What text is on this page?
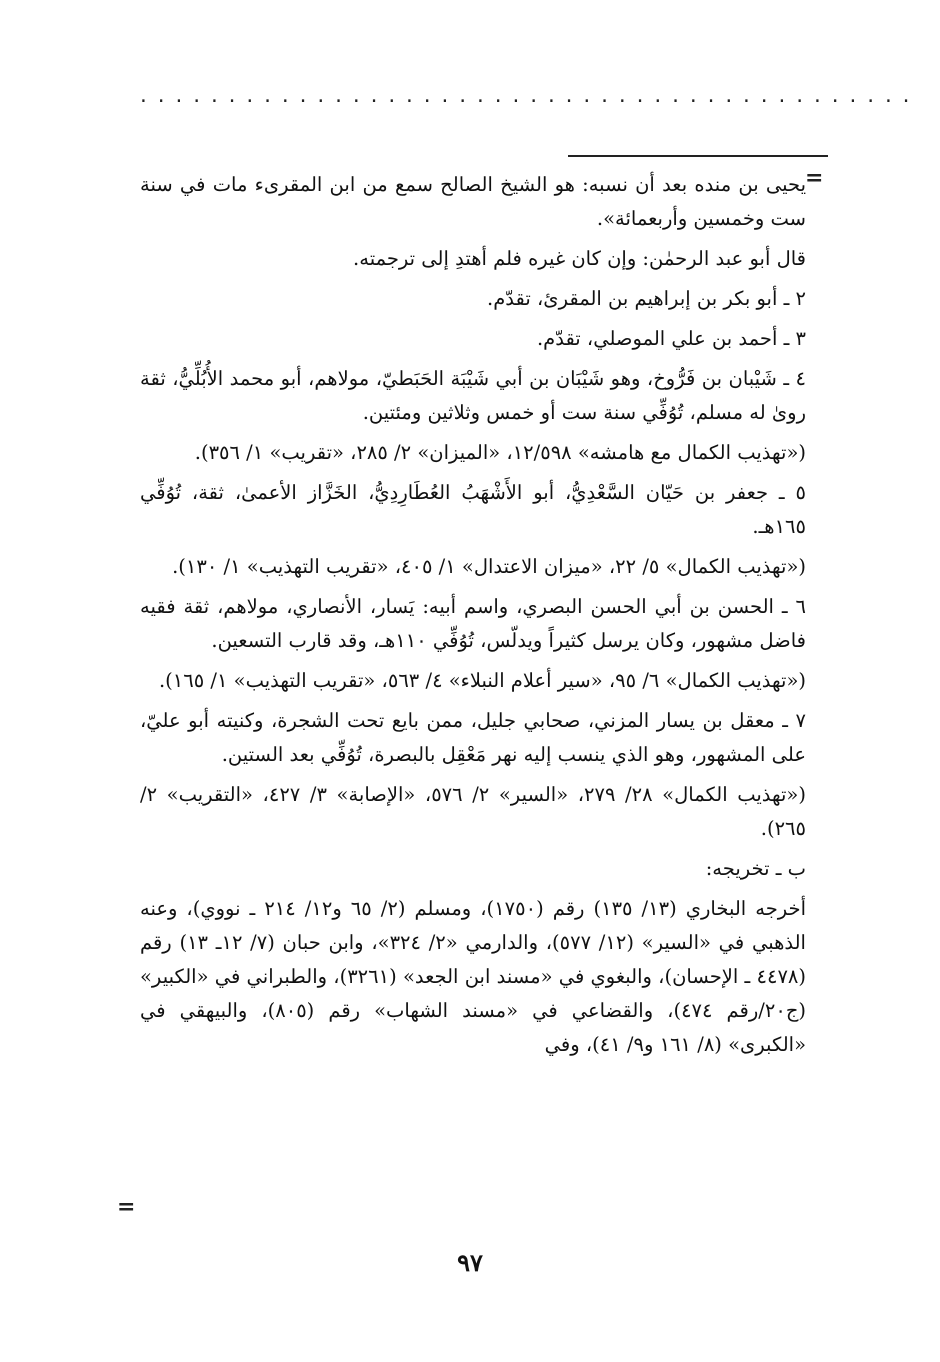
............................................
=

يحيى بن منده بعد أن نسبه: هو الشيخ الصالح سمع من ابن المقرىء مات في سنة ست وخمسين وأربعمائة».

قال أبو عبد الرحمٰن: وإن كان غيره فلم أهتدِ إلى ترجمته.

٢ ـ أبو بكر بن إبراهيم بن المقرئ، تقدّم.

٣ ـ أحمد بن علي الموصلي، تقدّم.

٤ ـ شَيْبان بن فَرُّوخ، وهو شَيْبَان بن أبي شَيْبَة الحَبَطيّ، مولاهم، أبو محمد الأُبُلِّيُّ، ثقة روىٰ له مسلم، تُوُفِّي سنة ست أو خمس وثلاثين ومئتين.

(«تهذيب الكمال مع هامشه» ١٢/٥٩٨، «الميزان» ٢/ ٢٨٥، «تقريب» ١/ ٣٥٦).

٥ ـ جعفر بن حَيّان السَّعْدِيُّ، أبو الأَشْهَبُ العُطَارِدِيُّ، الخَزَّاز الأعمىٰ، ثقة، تُوُفِّي ١٦٥هـ.

(«تهذيب الكمال» ٥/ ٢٢، «ميزان الاعتدال» ١/ ٤٠٥، «تقريب التهذيب» ١/ ١٣٠).

٦ ـ الحسن بن أبي الحسن البصري، واسم أبيه: يَسار، الأنصاري، مولاهم، ثقة فقيه فاضل مشهور، وكان يرسل كثيراً ويدلّس، تُوُفِّي ١١٠هـ، وقد قارب التسعين.

(«تهذيب الكمال» ٦/ ٩٥، «سير أعلام النبلاء» ٤/ ٥٦٣، «تقريب التهذيب» ١/ ١٦٥).

٧ ـ معقل بن يسار المزني، صحابي جليل، ممن بايع تحت الشجرة، وكنيته أبو عليّ، على المشهور، وهو الذي ينسب إليه نهر مَعْقِل بالبصرة، تُوُفِّي بعد الستين.

(«تهذيب الكمال» ٢٨/ ٢٧٩، «السير» ٢/ ٥٧٦، «الإصابة» ٣/ ٤٢٧، «التقريب» ٢/ ٢٦٥).

ب ـ تخريجه:

أخرجه البخاري (١٣/ ١٣٥) رقم (١٧٥٠)، ومسلم (٢/ ٦٥ و١٢/ ٢١٤ ـ نووي)، وعنه الذهبي في «السير» (١٢/ ٥٧٧)، والدارمي «٢/ ٣٢٤»، وابن حبان (٧/ ١٢ـ ١٣) رقم (٤٤٧٨ ـ الإحسان)، والبغوي في «مسند ابن الجعد» (٣٢٦١)، والطبراني في «الكبير» (ج٢٠/رقم ٤٧٤)، والقضاعي في «مسند الشهاب» رقم (٨٠٥)، والبيهقي في «الكبرى» (٨/ ١٦١ و٩/ ٤١)، وفي

=
٩٧
